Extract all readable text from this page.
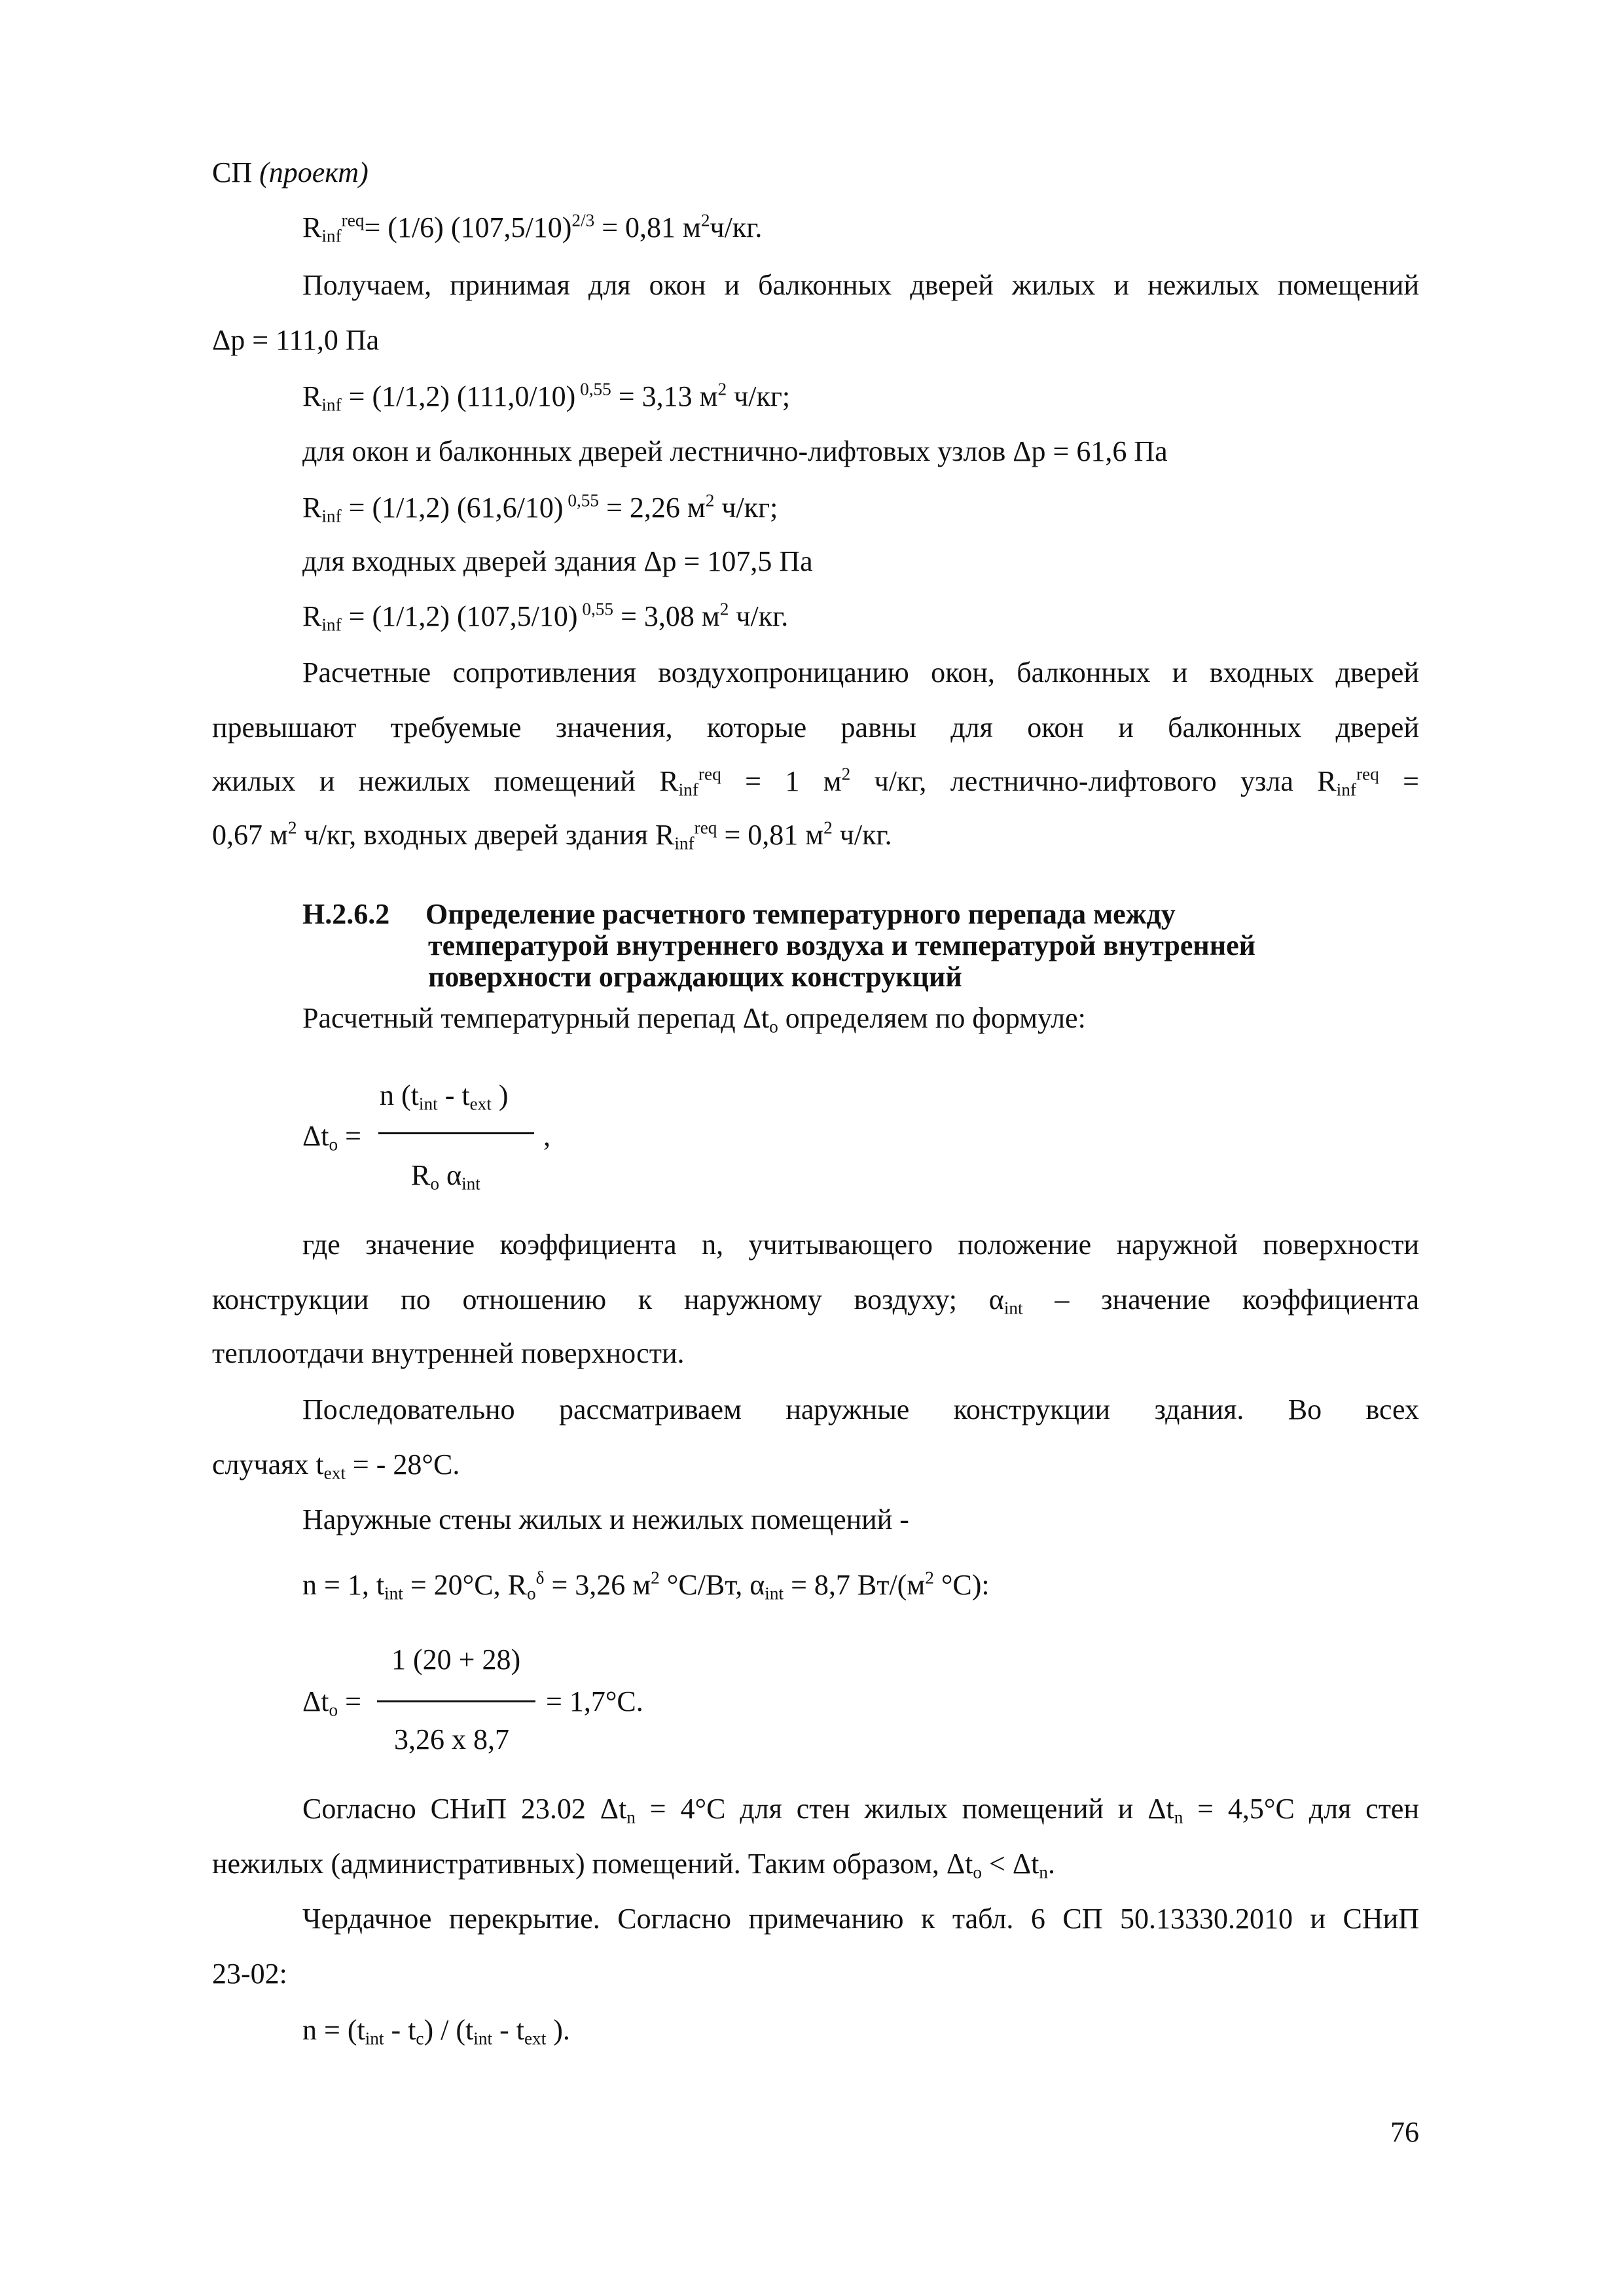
СП (проект)
$R_{inf}^{req}= (1/6) (107,5/10)^{2/3} = 0,81$ $м^2ч/кг$.
Получаем, принимая для окон и балконных дверей жилых и нежилых помещений
Δp = 111,0 Па
$R_{inf} = (1/1,2)$ (111,0/10) $^{0,55}$ = 3,13 $м^2$ ч/кг;
для окон и балконных дверей лестнично-лифтовых узлов Δp = 61,6 Па
$R_{inf} = (1/1,2)$ (61,6/10) $^{0,55}$ = 2,26 $м^2$ ч/кг;
для входных дверей здания Δp = 107,5 Па
$R_{inf} = (1/1,2)$ (107,5/10) $^{0,55}$ = 3,08 $м^2$ ч/кг.
Расчетные сопротивления воздухопроницанию окон, балконных и входных дверей
превышают требуемые значения, которые равны для окон и балконных дверей
жилых и нежилых помещений $R_{inf}^{req} = 1$ $м^2$ ч/кг, лестнично-лифтового узла $R_{inf}^{req}$ =
0,67 $м^2$ ч/кг, входных дверей здания $R_{inf}^{req} = 0,81$ $м^2$ ч/кг.
Н.2.6.2 Определение расчетного температурного перепада между
температурой внутреннего воздуха и температурой внутренней
поверхности ограждающих конструкций
Расчетный температурный перепад $\Delta t_o$ определяем по формуле:
n ($t_{int} - t_{ext}$ )
$\Delta t_o$ =	,
$R_o$ $\alpha_{int}$
где значение коэффициента n, учитывающего положение наружной поверхности
конструкции по отношению к наружному воздуху; $\alpha_{int}$ – значение коэффициента
теплоотдачи внутренней поверхности.
Последовательно рассматриваем наружные конструкции здания. Во всех
случаях $t_{ext}$ = - 28°С.
Наружные стены жилых и нежилых помещений -
n = 1, $t_{int} = 20^\circ С$, $R_o^\delta = 3,26$ $м^2$ °С/Вт, $\alpha_{int} = 8,7$ $Вт/(м^2$ °С):
1 (20 + 28)
$\Delta t_o$ =	= 1,7°С.
3,26 x 8,7
Согласно СНиП 23.02 $\Delta t_n = 4^\circ С$ для стен жилых помещений и $\Delta t_n = 4,5^\circ С$ для стен
нежилых (административных) помещений. Таким образом, $\Delta t_o < \Delta t_n$.
Чердачное перекрытие. Согласно примечанию к табл. 6 СП 50.13330.2010 и СНиП
23-02:
$n = (t_{int} - t_c) / (t_{int} - t_{ext}$ ).
76
